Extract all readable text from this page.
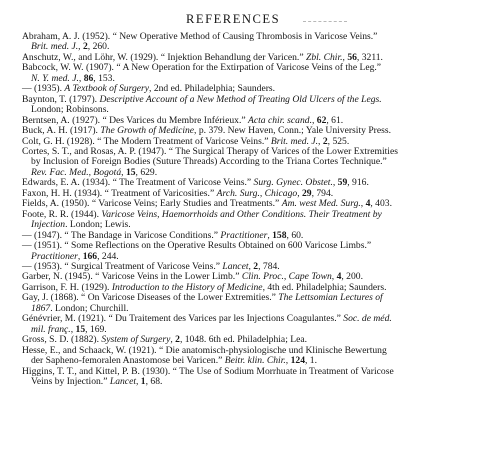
REFERENCES
Abraham, A. J. (1952). “ New Operative Method of Causing Thrombosis in Varicose Veins.”
Brit. med. J., 2, 260.
Anschutz, W., and Löhr, W. (1929). “ Injektion Behandlung der Varicen.” Zbl. Chir., 56, 3211.
Babcock, W. W. (1907). “ A New Operation for the Extirpation of Varicose Veins of the Leg.”
N. Y. med. J., 86, 153.
— (1935). A Textbook of Surgery, 2nd ed. Philadelphia; Saunders.
Baynton, T. (1797). Descriptive Account of a New Method of Treating Old Ulcers of the Legs.
London; Robinsons.
Berntsen, A. (1927). “ Des Varices du Membre Inférieux.” Acta chir. scand., 62, 61.
Buck, A. H. (1917). The Growth of Medicine, p. 379. New Haven, Conn.; Yale University Press.
Colt, G. H. (1928). “ The Modern Treatment of Varicose Veins.” Brit. med. J., 2, 525.
Cortes, S. T., and Rosas, A. P. (1947). “ The Surgical Therapy of Varices of the Lower Extremities
by Inclusion of Foreign Bodies (Suture Threads) According to the Triana Cortes Technique.”
Rev. Fac. Med., Bogotá, 15, 629.
Edwards, E. A. (1934). “ The Treatment of Varicose Veins.” Surg. Gynec. Obstet., 59, 916.
Faxon, H. H. (1934). “ Treatment of Varicosities.” Arch. Surg., Chicago, 29, 794.
Fields, A. (1950). “ Varicose Veins; Early Studies and Treatments.” Am. west Med. Surg., 4, 403.
Foote, R. R. (1944). Varicose Veins, Haemorrhoids and Other Conditions. Their Treatment by
Injection. London; Lewis.
— (1947). “ The Bandage in Varicose Conditions.” Practitioner, 158, 60.
— (1951). “ Some Reflections on the Operative Results Obtained on 600 Varicose Limbs.”
Practitioner, 166, 244.
— (1953). “ Surgical Treatment of Varicose Veins.” Lancet, 2, 784.
Garber, N. (1945). “ Varicose Veins in the Lower Limb.” Clin. Proc., Cape Town, 4, 200.
Garrison, F. H. (1929). Introduction to the History of Medicine, 4th ed. Philadelphia; Saunders.
Gay, J. (1868). “ On Varicose Diseases of the Lower Extremities.” The Lettsomian Lectures of
1867. London; Churchill.
Génévrier, M. (1921). “ Du Traitement des Varices par les Injections Coagulantes.” Soc. de méd.
mil. franç., 15, 169.
Gross, S. D. (1882). System of Surgery, 2, 1048. 6th ed. Philadelphia; Lea.
Hesse, E., and Schaack, W. (1921). “ Die anatomisch-physiologische und Klinische Bewertung
der Sapheno-femoralen Anastomose bei Varicen.” Beitr. klin. Chir., 124, 1.
Higgins, T. T., and Kittel, P. B. (1930). “ The Use of Sodium Morrhuate in Treatment of Varicose
Veins by Injection.” Lancet, 1, 68.
